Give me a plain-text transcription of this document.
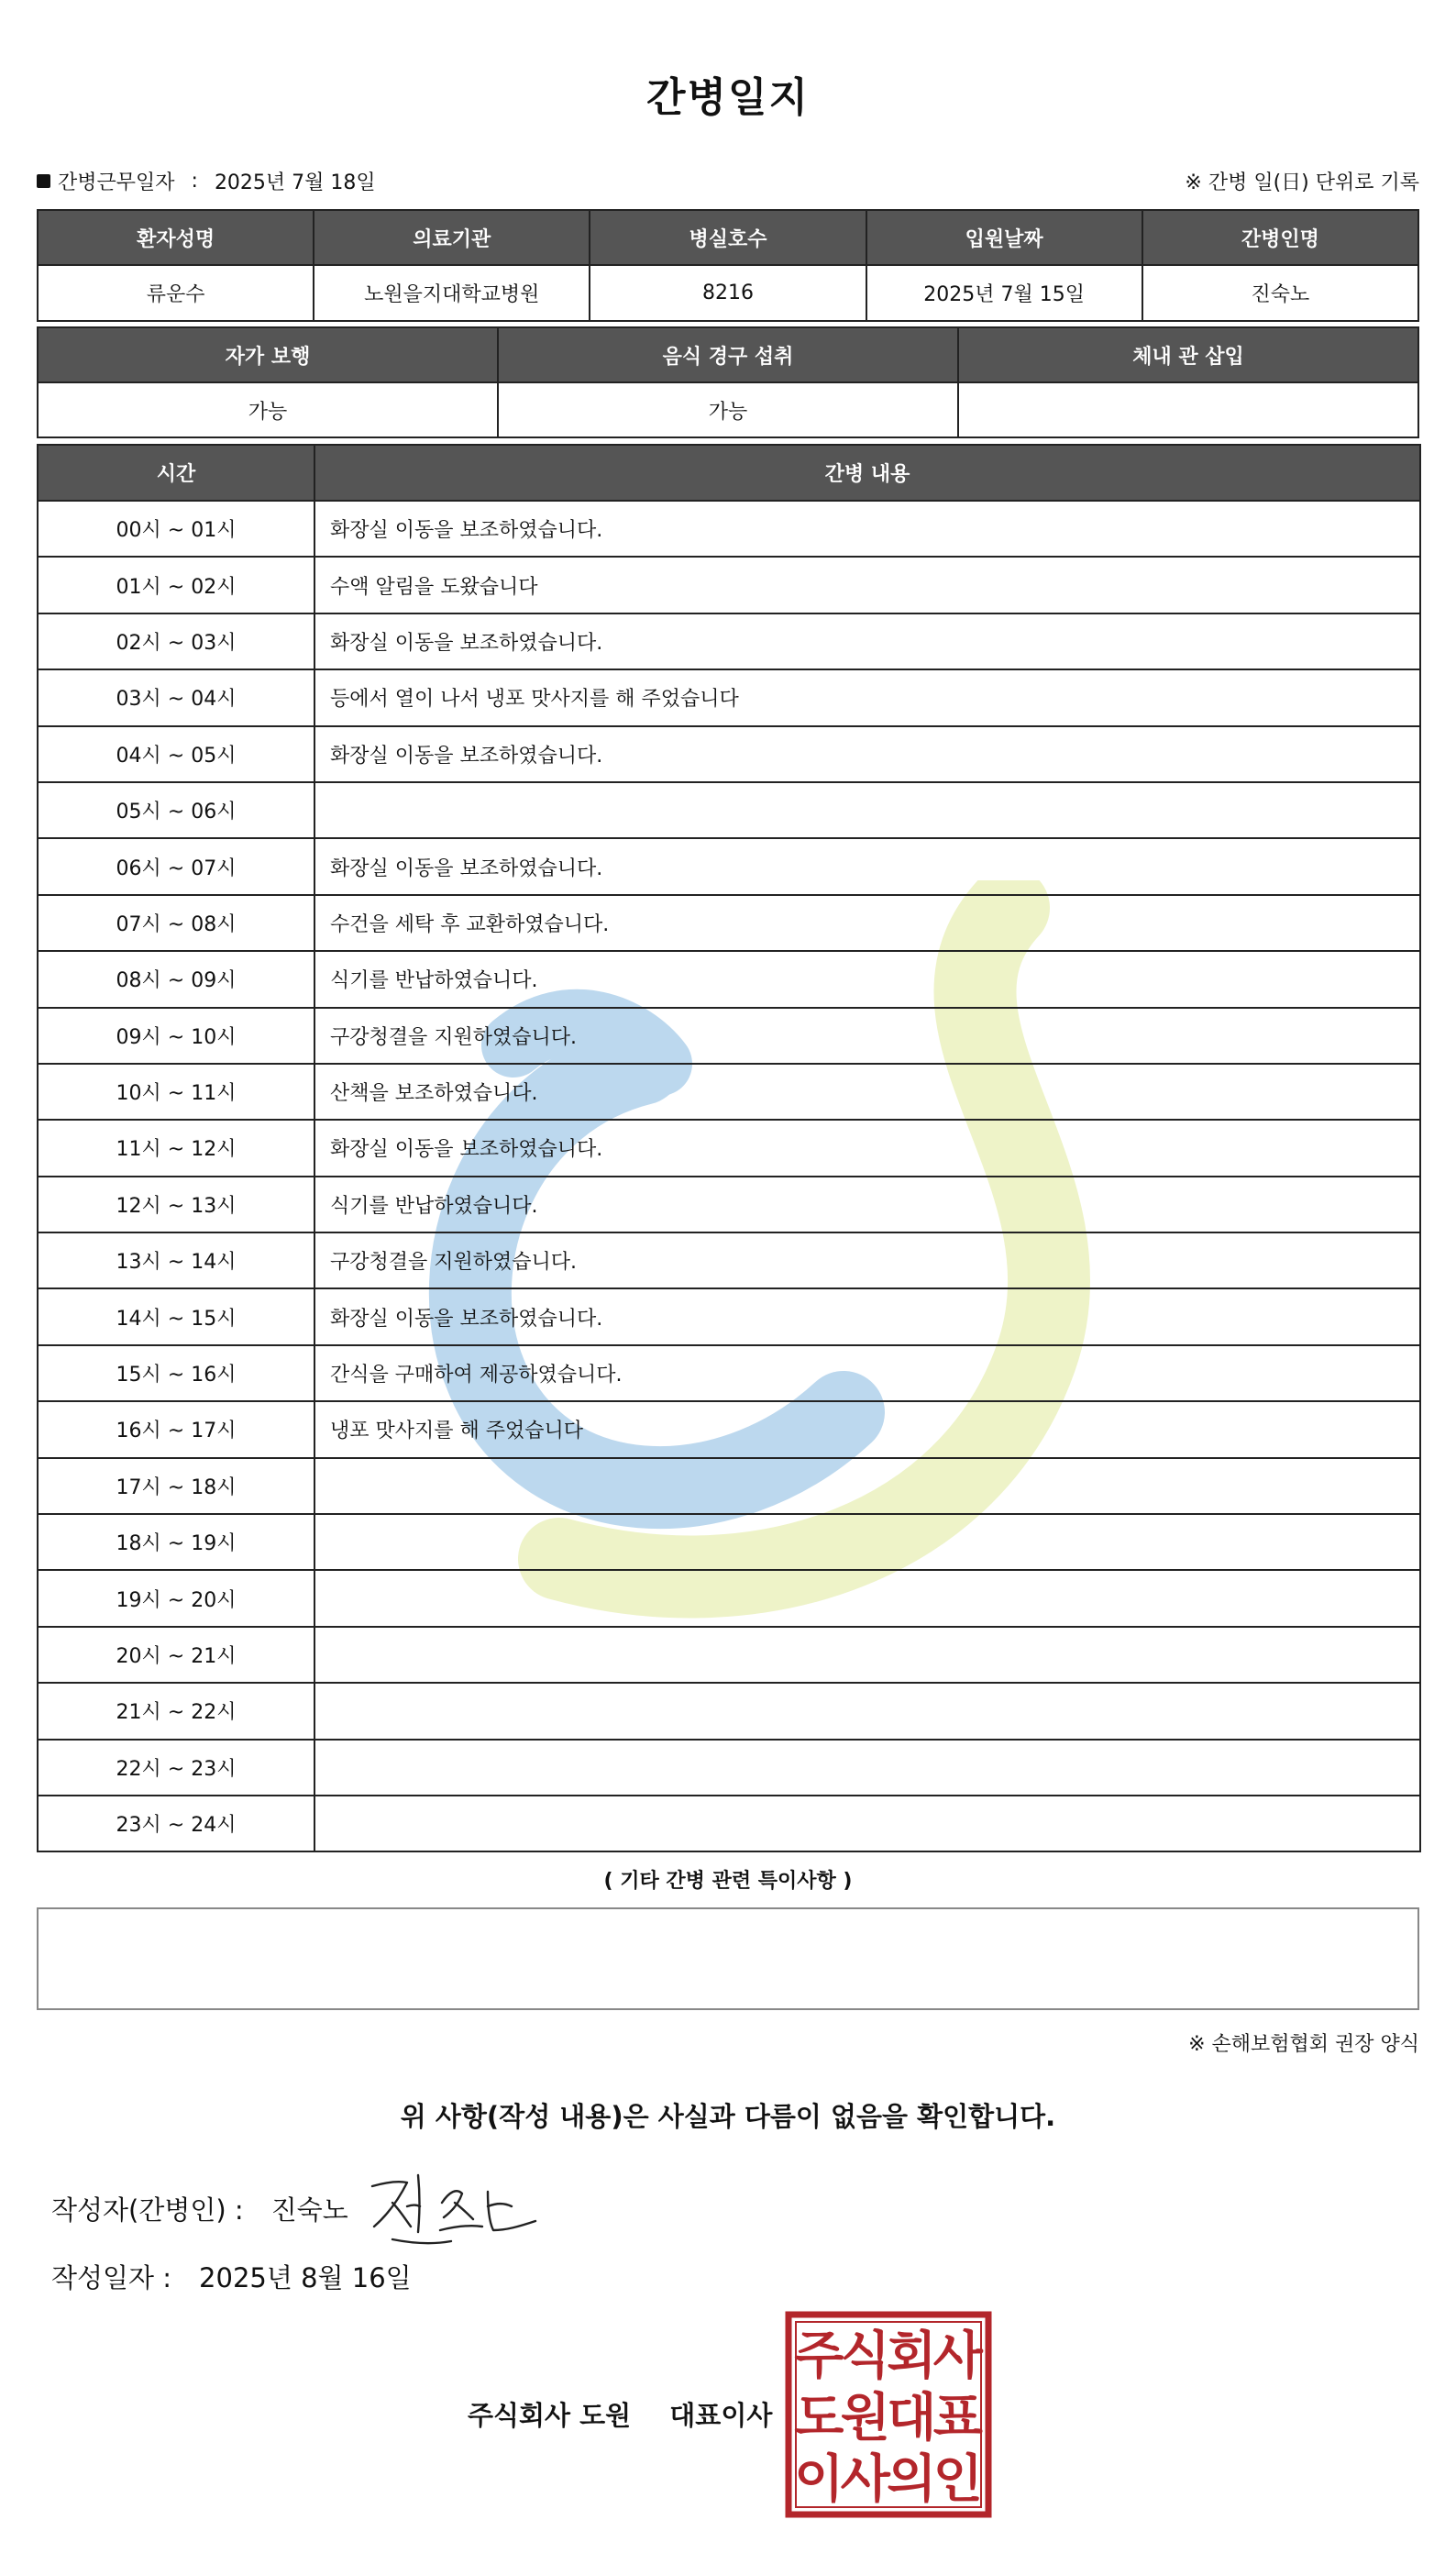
간병일지
간병근무일자 : 2025년 7월 18일	※ 간병 일(日) 단위로 기록
환자성명	의료기관	병실호수	입원날짜	간병인명
류운수	노원을지대학교병원	8216	2025년 7월 15일	진숙노
자가 보행	음식 경구 섭취	체내 관 삽입
가능	가능	
시간	간병 내용
00시 ~ 01시	화장실 이동을 보조하였습니다.
01시 ~ 02시	수액 알림을 도왔습니다
02시 ~ 03시	화장실 이동을 보조하였습니다.
03시 ~ 04시	등에서 열이 나서 냉포 맛사지를 해 주었습니다
04시 ~ 05시	화장실 이동을 보조하였습니다.
05시 ~ 06시	
06시 ~ 07시	화장실 이동을 보조하였습니다.
07시 ~ 08시	수건을 세탁 후 교환하였습니다.
08시 ~ 09시	식기를 반납하였습니다.
09시 ~ 10시	구강청결을 지원하였습니다.
10시 ~ 11시	산책을 보조하였습니다.
11시 ~ 12시	화장실 이동을 보조하였습니다.
12시 ~ 13시	식기를 반납하였습니다.
13시 ~ 14시	구강청결을 지원하였습니다.
14시 ~ 15시	화장실 이동을 보조하였습니다.
15시 ~ 16시	간식을 구매하여 제공하였습니다.
16시 ~ 17시	냉포 맛사지를 해 주었습니다
17시 ~ 18시	
18시 ~ 19시	
19시 ~ 20시	
20시 ~ 21시	
21시 ~ 22시	
22시 ~ 23시	
23시 ~ 24시	
( 기타 간병 관련 특이사항 )
※ 손해보험협회 권장 양식
위 사항(작성 내용)은 사실과 다름이 없음을 확인합니다.
작성자(간병인) : 진숙노
작성일자 : 2025년 8월 16일
주식회사 도원 대표이사
주
식
회
사
도
원
대
표
이
사
의
인
